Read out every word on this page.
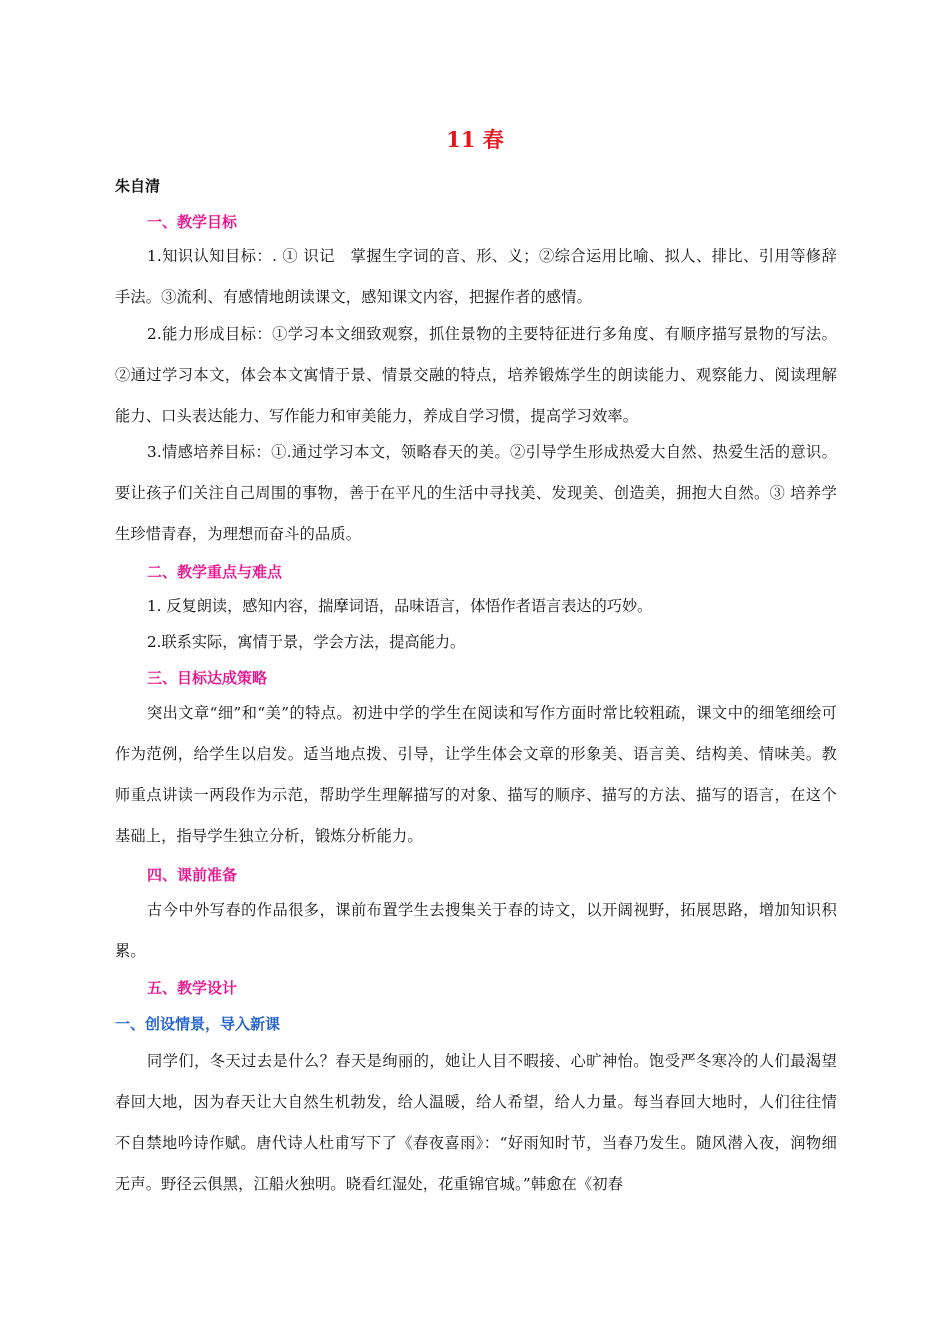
11 春
朱自清
一、教学目标
1.知识认知目标：. ① 识记　掌握生字词的音、形、义；②综合运用比喻、拟人、排比、引用等修辞手法。③流利、有感情地朗读课文，感知课文内容，把握作者的感情。
2.能力形成目标：①学习本文细致观察，抓住景物的主要特征进行多角度、有顺序描写景物的写法。②通过学习本文，体会本文寓情于景、情景交融的特点，培养锻炼学生的朗读能力、观察能力、阅读理解能力、口头表达能力、写作能力和审美能力，养成自学习惯，提高学习效率。
3.情感培养目标：①.通过学习本文，领略春天的美。②引导学生形成热爱大自然、热爱生活的意识。要让孩子们关注自己周围的事物，善于在平凡的生活中寻找美、发现美、创造美，拥抱大自然。③ 培养学生珍惜青春，为理想而奋斗的品质。
二、教学重点与难点
1. 反复朗读，感知内容，揣摩词语，品味语言，体悟作者语言表达的巧妙。
2.联系实际，寓情于景，学会方法，提高能力。
三、目标达成策略
突出文章“细”和“美”的特点。初进中学的学生在阅读和写作方面时常比较粗疏，课文中的细笔细绘可作为范例，给学生以启发。适当地点拨、引导，让学生体会文章的形象美、语言美、结构美、情味美。教师重点讲读一两段作为示范，帮助学生理解描写的对象、描写的顺序、描写的方法、描写的语言，在这个基础上，指导学生独立分析，锻炼分析能力。
四、课前准备
古今中外写春的作品很多，课前布置学生去搜集关于春的诗文，以开阔视野，拓展思路，增加知识积累。
五、教学设计
一、创设情景，导入新课
同学们，冬天过去是什么？春天是绚丽的，她让人目不暇接、心旷神怡。饱受严冬寒冷的人们最渴望春回大地，因为春天让大自然生机勃发，给人温暖，给人希望，给人力量。每当春回大地时，人们往往情不自禁地吟诗作赋。唐代诗人杜甫写下了《春夜喜雨》：“好雨知时节，当春乃发生。随风潜入夜，润物细无声。野径云俱黑，江船火独明。晓看红湿处，花重锦官城。”韩愈在《初春
